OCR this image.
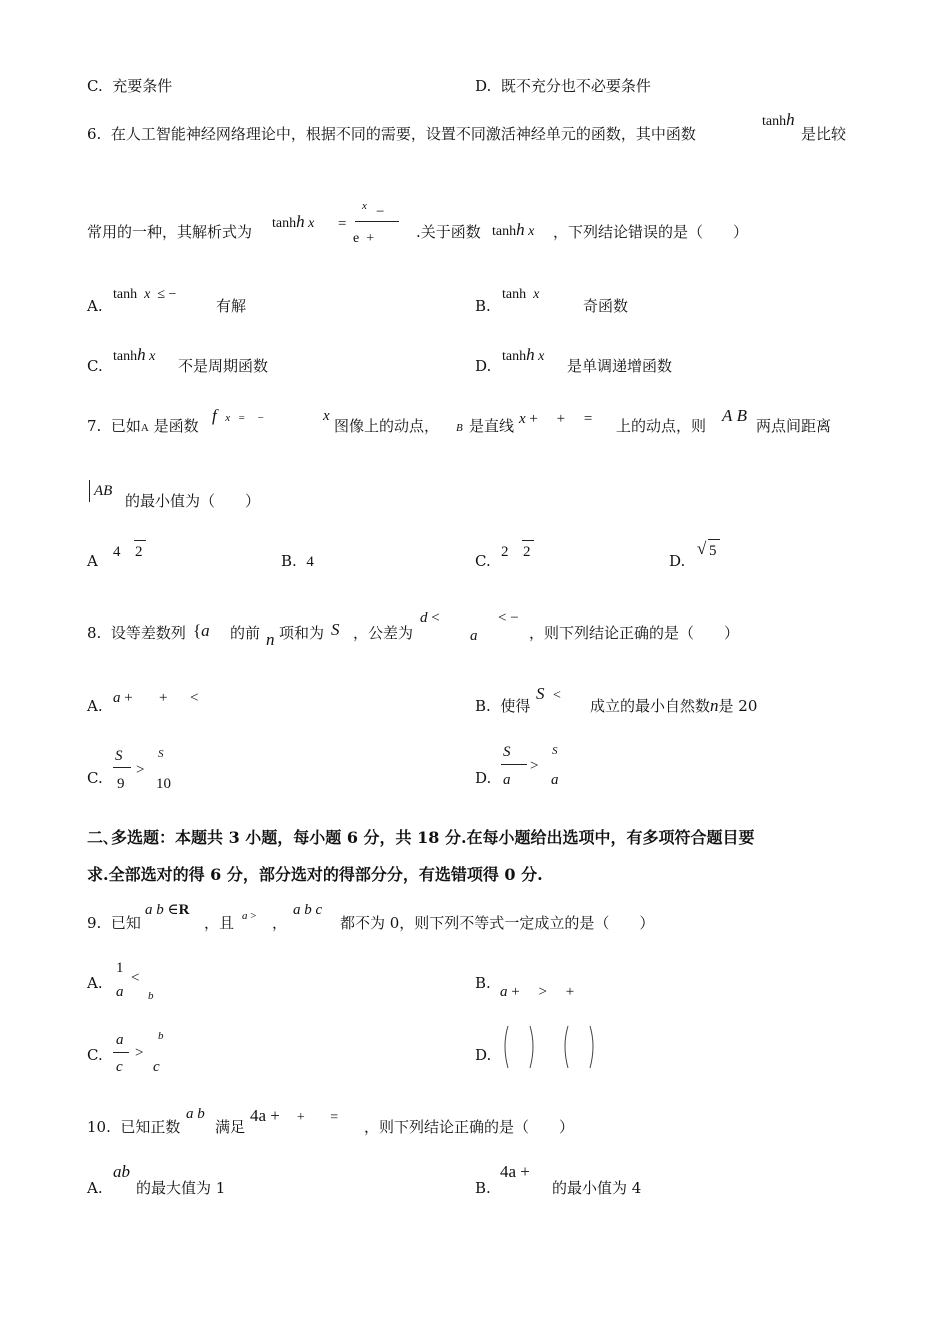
C. 充要条件	D. 既不充分也不必要条件
6. 在人工智能神经网络理论中，根据不同的需要，设置不同激活神经单元的函数，其中函数
tanhh
是比较
常用的一种，其解析式为 tanhh x =
x −
e +	.关于函数 tanhh x ，下列结论错误的是（　　）
A.
tanh x ≤ −
有解	B.
tanh x
奇函数
C.
tanhh x
不是周期函数	D.
tanhh x
是单调递增函数
7. 已如A 是函数
f x = −	x
图像上的动点， B 是直线 x + + = 上的动点，则
A B
两点间距离
AB
的最小值为（　　）
A 4 2	B. 4	C. 2 2	D.
√ 5
8. 设等差数列 {a 的前 n 项和为 S ，公差为
d <
a
< −
，则下列结论正确的是（　　）
A. a + + <	B. 使得
S <
成立的最小自然数n是 20
C.
S
9
>
S
10	D.
S
a
>
S
a
二､多选题：本题共 3 小题，每小题 6 分，共 18 分.在每小题给出选项中，有多项符合题目要
求.全部选对的得 6 分，部分选对的得部分分，有选错项得 0 分.
9. 已知
a b ∈R
，且 a > ，
a b c
都不为 0，则下列不等式一定成立的是（　　）
A.
1
<
a b
B. a + > +
C.
a
c
>
b
c
D.
10. 已知正数
a b
满足
4a + + =
，则下列结论正确的是（　　）
A.
ab
的最大值为 1	B.
4a +
的最小值为 4
